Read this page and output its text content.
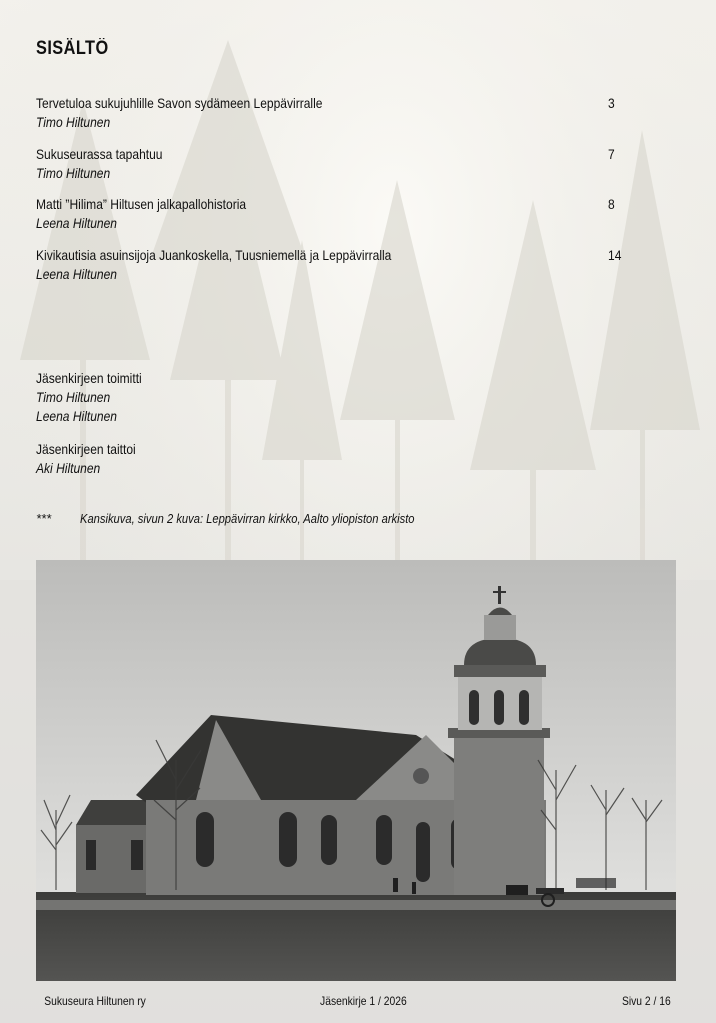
SISÄLTÖ
Tervetuloa sukujuhlille Savon sydämeen Leppävirralle
Timo Hiltunen
3
Sukuseurassa tapahtuu
Timo Hiltunen
7
Matti ”Hilima” Hiltusen jalkapallohistoria
Leena Hiltunen
8
Kivikautisia asuinsijoja Juankoskella, Tuusniemellä ja Leppävirralla
Leena Hiltunen
14
Jäsenkirjeen toimitti
Timo Hiltunen
Leena Hiltunen
Jäsenkirjeen taittoi
Aki Hiltunen
*** Kansikuva, sivun 2 kuva: Leppävirran kirkko, Aalto yliopiston arkisto
Sukuseura Hiltunen ry	Jäsenkirje 1 / 2026	Sivu 2 / 16
